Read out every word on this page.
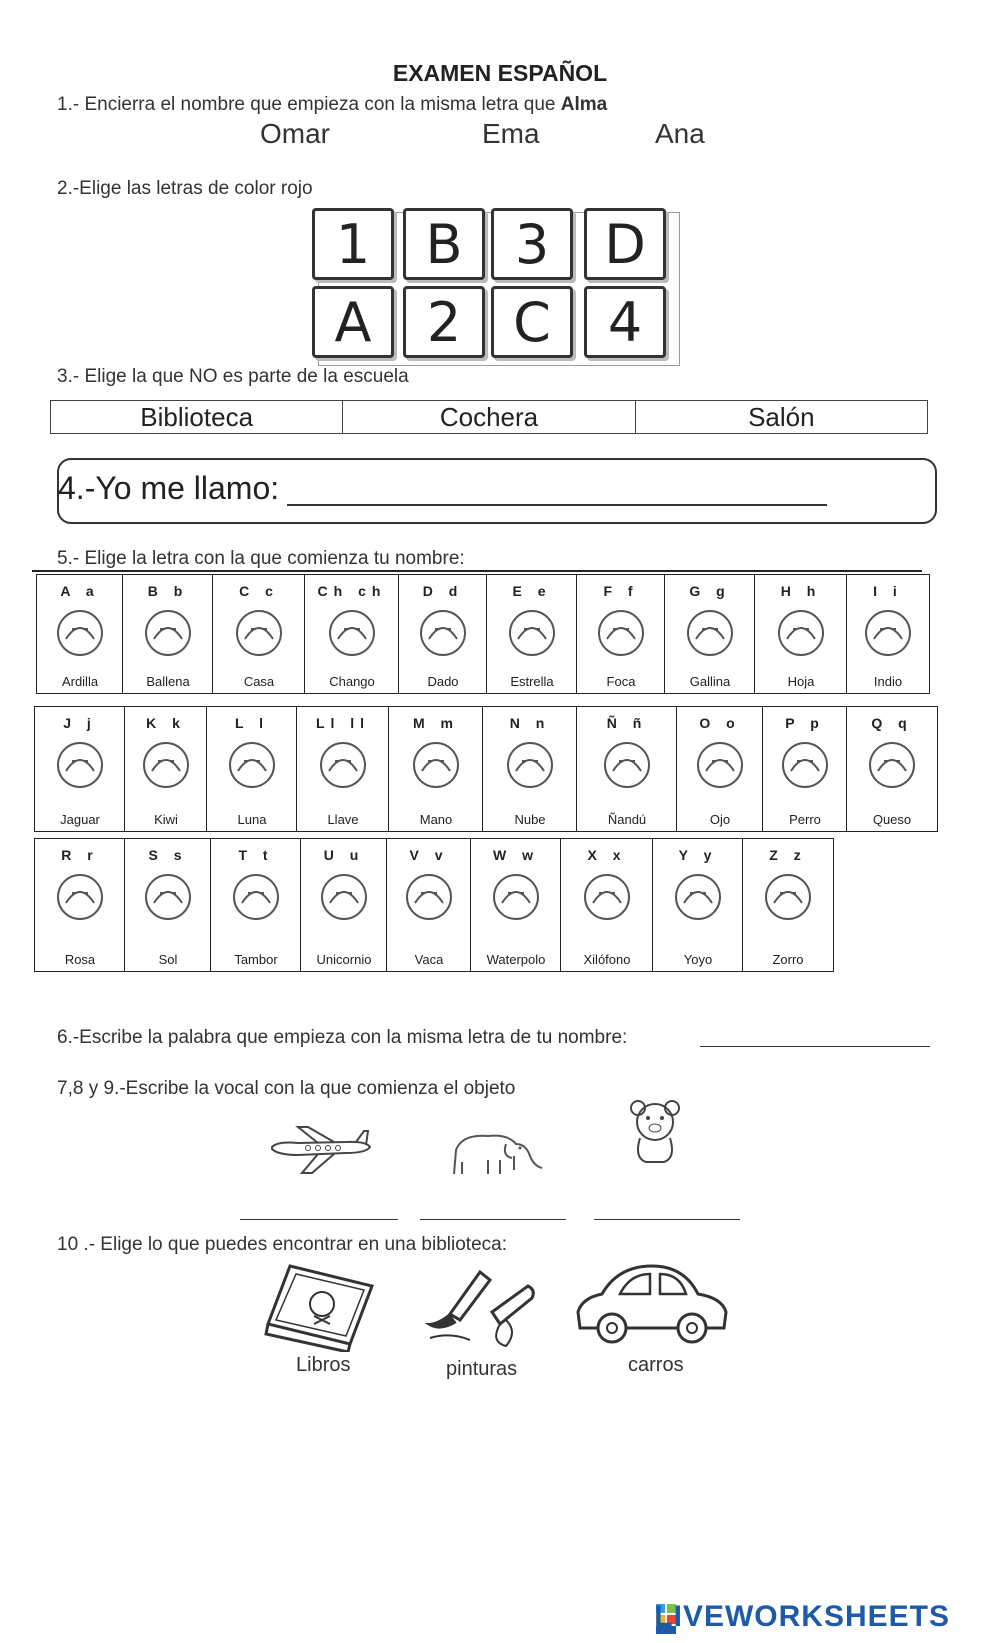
EXAMEN ESPAÑOL
1.- Encierra el nombre que empieza con la misma letra que Alma
Omar	Ema	Ana
2.-Elige las letras de color rojo
1	B 3	D
A	2 C	4
3.- Elige la que NO es parte de la escuela
Biblioteca	Cochera	Salón
4.-Yo me llamo:
5.- Elige la letra con la que comienza tu nombre:
A a
Ardilla
B b
Ballena
C c
Casa
Ch ch
Chango
D d
Dado
E e
Estrella
F f
Foca
G g
Gallina
H h
Hoja
I i
Indio
J j
Jaguar
K k
Kiwi
L l
Luna
Ll ll
Llave
M m
Mano
N n
Nube
Ñ ñ
Ñandú
O o
Ojo
P p
Perro
Q q
Queso
R r
Rosa
S s
Sol
T t
Tambor
U u
Unicornio
V v
Vaca
W w
Waterpolo
X x
Xilófono
Y y
Yoyo
Z z
Zorro
6.-Escribe la palabra que empieza con la misma letra de tu nombre:
7,8 y 9.-Escribe la vocal con la que comienza el objeto
10 .- Elige lo que puedes encontrar en una biblioteca:
Libros	pinturas	carros
LIVEWORKSHEETS
